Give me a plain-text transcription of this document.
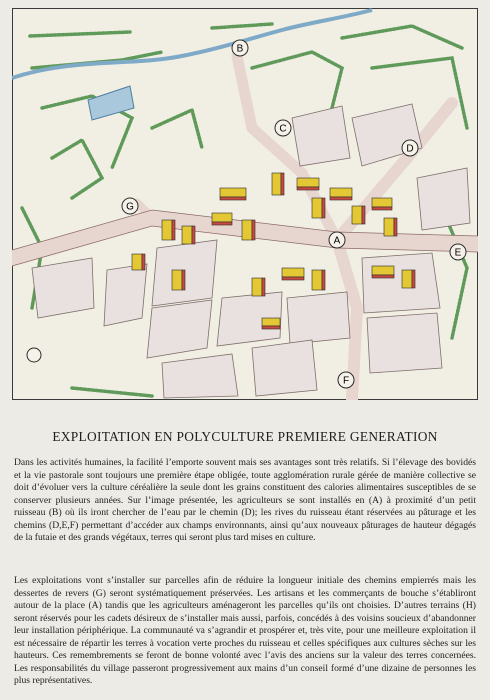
A
B
C
D
E
F
G
EXPLOITATION EN POLYCULTURE PREMIERE GENERATION

Dans les activités humaines, la facilité l’emporte souvent mais ses avantages sont très relatifs. Si l’élevage des bovidés et la vie pastorale sont toujours une première étape obligée, toute agglomération rurale gérée de manière collective se doit d’évoluer vers la culture céréalière la seule dont les grains constituent des calories alimentaires susceptibles de se conserver plusieurs années. Sur l’image présentée, les agriculteurs se sont installés en (A) à proximité d’un petit ruisseau (B) où ils iront chercher de l’eau par le chemin (D); les rives du ruisseau étant réservées au pâturage et les chemins (D,E,F) permettant d’accéder aux champs environnants, ainsi qu’aux nouveaux pâturages de hauteur dégagés de la futaie et des grands végétaux, terres qui seront plus tard mises en culture.

Les exploitations vont s’installer sur parcelles afin de réduire la longueur initiale des chemins empierrés mais les dessertes de revers (G) seront systématiquement préservées. Les artisans et les commerçants de bouche s’établiront autour de la place (A) tandis que les agriculteurs aménageront les parcelles qu’ils ont choisies. D’autres terrains (H) seront réservés pour les cadets désireux de s’installer mais aussi, parfois, concédés à des voisins soucieux d’abandonner leur installation périphérique. La communauté va s’agrandir et prospérer et, très vite, pour une meilleure exploitation il est nécessaire de répartir les terres à vocation verte proches du ruisseau et celles spécifiques aux cultures sèches sur les hauteurs. Ces remembrements se feront de bonne volonté avec l’avis des anciens sur la valeur des terres concernées. Les responsabilités du village passeront progressivement aux mains d’un conseil formé d’une dizaine de personnes les plus représentatives.
